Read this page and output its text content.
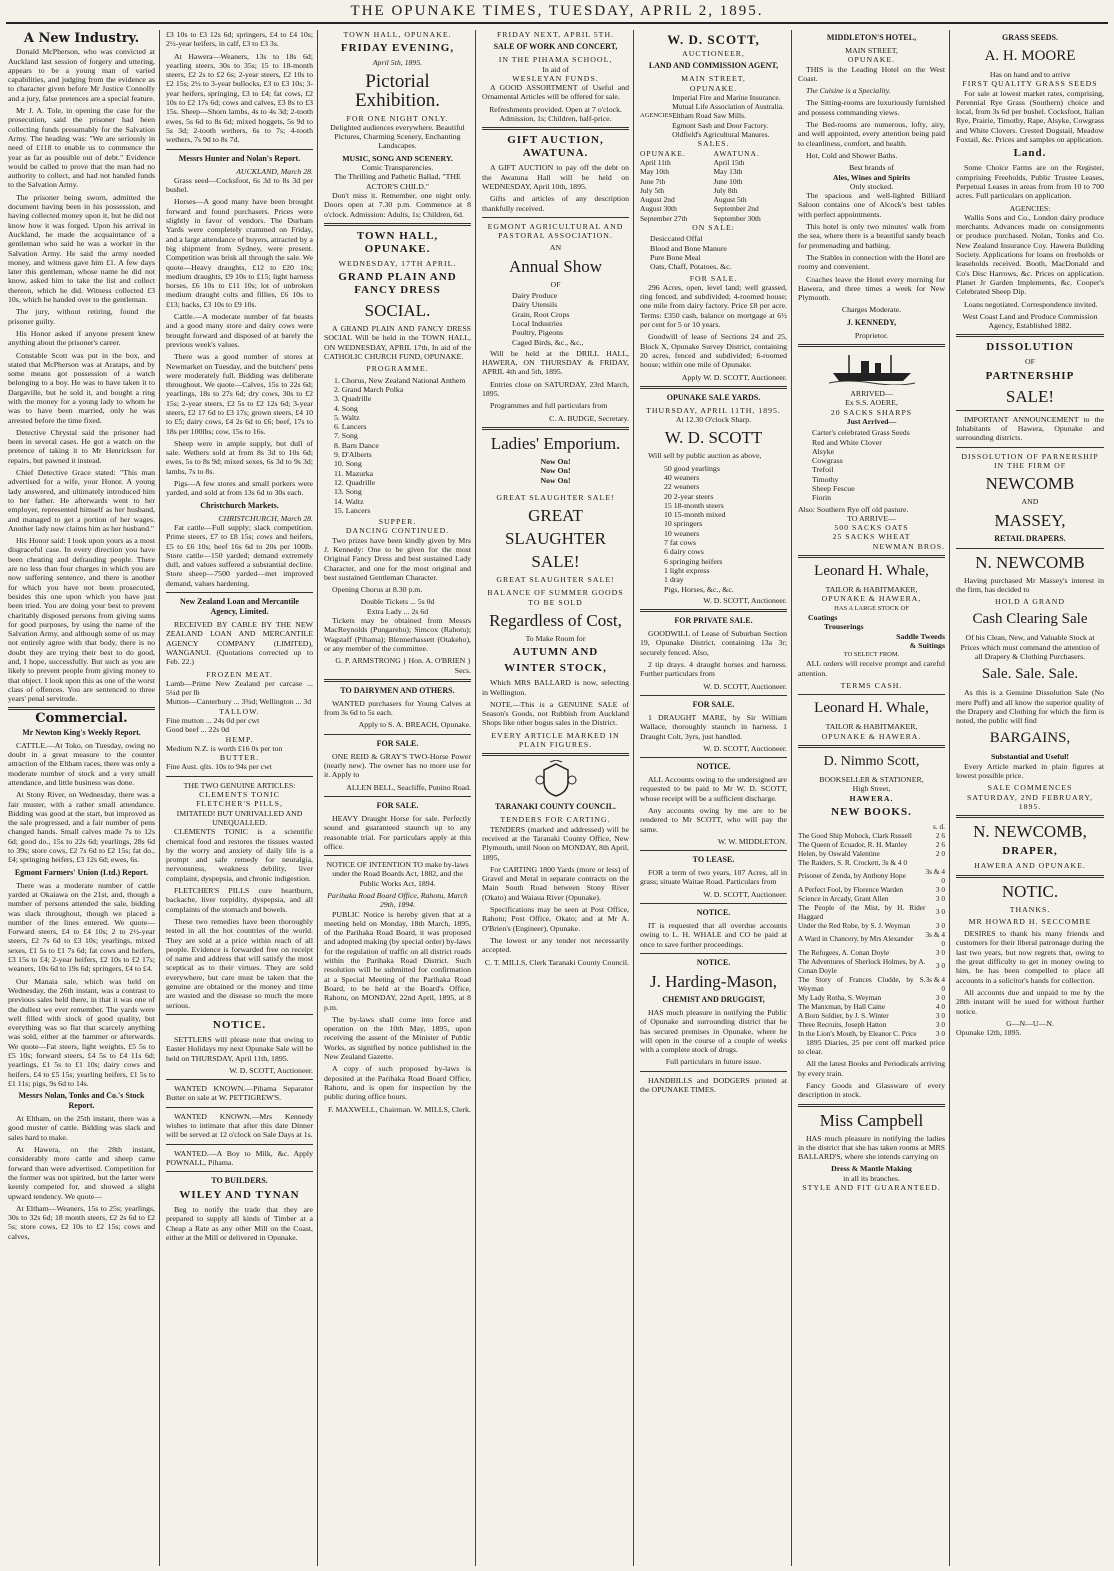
THE OPUNAKE TIMES, TUESDAY, APRIL 2, 1895.
A New Industry.

Donald McPherson, who was convicted at Auckland last session of forgery and uttering, appears to be a young man of varied capabilities, and judging from the evidence as to character given before Mr Justice Connolly and a jury, false pretences are a special feature.

Mr J. A. Tole, in opening the case for the prosecution, said the prisoner had been collecting funds presumably for the Salvation Army. The heading was: "We are seriously in need of £118 to enable us to commence the year as far as possible out of debt." Evidence would be called to prove that the man had no authority to collect, and had not handed funds to the Salvation Army.

The prisoner being sworn, admitted the document having been in his possession, and having collected money upon it, but he did not know how it was forged. Upon his arrival in Auckland, he made the acquaintance of a gentleman who said he was a worker in the Salvation Army. He said the army needed money, and witness gave him £1. A few days later this gentleman, whose name he did not know, asked him to take the list and collect thereon, which he did. Witness collected £3 10s, which he handed over to the gentleman.

The jury, without retiring, found the prisoner guilty.

His Honor asked if anyone present knew anything about the prisoner's career.

Constable Scott was put in the box, and stated that McPherson was at Arataps, and by some means got possession of a watch belonging to a boy. He was to have taken it to Dargaville, but he sold it, and bought a ring with the money for a young lady to whom he was to have been married, only he was arrested before the time fixed.

Detective Chrystal said the prisoner had been in several cases. He got a watch on the pretence of taking it to Mr Henrickson for repairs, but pawned it instead.

Chief Detective Grace stated: "This man advertised for a wife, your Honor. A young lady answered, and ultimately introduced him to her father. He afterwards went to her employer, represented himself as her husband, and managed to get a portion of her wages. Another lady now claims him as her husband."

His Honor said: I look upon yours as a most disgraceful case. In every direction you have been cheating and defrauding people. There are no less than four charges in which you are now suffering sentence, and there is another for which you have not been prosecuted, besides this one upon which you have just been tried. You are doing your best to prevent charitably disposed persons from giving sums for good purposes, by using the name of the Salvation Army, and although some of us may not entirely agree with that body, there is no doubt they are trying their best to do good, and, I hope, successfully. But such as you are likely to prevent people from giving money to that object. I look upon this as one of the worst class of offences. You are sentenced to three years' penal servitude.

Commercial.
Mr Newton King's Weekly Report.

CATTLE.—At Toko, on Tuesday, owing no doubt in a great measure to the counter attraction of the Eltham races, there was only a moderate number of stock and a very small attendance, and little business was done.

At Stony River, on Wednesday, there was a fair muster, with a rather small attendance. Bidding was good at the start, but improved as the sale progressed, and a fair number of pens changed hands. Small calves made 7s to 12s 6d; good do., 15s to 22s 6d; yearlings, 28s 6d to 39s; store cows, £2 7s 6d to £2 15s; fat do., £4; springing heifers, £3 12s 6d; ewes, 6s.

Egmont Farmers' Union (Ltd.) Report.

There was a moderate number of cattle yarded at Okaiawa on the 21st, and, though a number of persons attended the sale, bidding was slack throughout, though we placed a number of the lines entered. We quote—Forward steers, £4 to £4 10s; 2 to 2½-year steers, £2 7s 6d to £3 10s; yearlings, mixed sexes, £1 5s to £1 7s 6d; fat cows and heifers, £3 15s to £4; 2-year heifers, £2 10s to £2 17s; weaners, 10s 6d to 19s 6d; springers, £4 to £4.

Our Manaia sale, which was held on Wednesday, the 26th instant, was a contrast to previous sales held there, in that it was one of the dullest we ever remember. The yards were well filled with stock of good quality, but everything was so flat that scarcely anything was sold, either at the hammer or afterwards. We quote—Fat steers, light weights, £5 5s to £5 10s; forward steers, £4 5s to £4 11s 6d; yearlings, £1 5s to £1 10s; dairy cows and heifers, £4 to £5 15s; yearling heifers, £1 5s to £1 11s; pigs, 9s 6d to 14s.

Messrs Nolan, Tonks and Co.'s Stock Report.

At Eltham, on the 25th instant, there was a good muster of cattle. Bidding was slack and sales hard to make.

At Hawera, on the 28th instant, considerably more cattle and sheep came forward than were advertised. Competition for the former was not spirited, but the latter were keenly competed for, and showed a slight upward tendency. We quote—

At Eltham—Weaners, 15s to 25s; yearlings, 30s to 32s 6d; 18 month steers, £2 2s 6d to £2 5s; store cows, £2 10s to £2 15s; cows and calves,

£3 10s to £3 12s 6d; springers, £4 to £4 10s; 2½-year heifers, in calf, £3 to £3 3s.

At Hawera—Weaners, 13s to 18s 6d; yearling steers, 30s to 35s; 15 to 18-month steers, £2 2s to £2 6s; 2-year steers, £2 10s to £2 15s; 2½ to 3-year bullocks, £3 to £3 10s; 3-year heifers, springing, £3 to £4; fat cows, £2 10s to £2 17s 6d; cows and calves, £3 8s to £3 15s. Sheep—Shorn lambs, 4s to 4s 3d; 2-tooth ewes, 5s 6d to 8s 6d; mixed hoggets, 5s 9d to 5s 3d; 2-tooth wethers, 6s to 7s; 4-tooth wethers, 7s 9d to 8s 7d.

Messrs Hunter and Nolan's Report.
AUCKLAND, March 28.

Grass seed—Cocksfoot, 6s 3d to 8s 3d per bushel.

Horses—A good many have been brought forward and found purchasers. Prices were slightly in favor of vendors. The Durham Yards were completely crammed on Friday, and a large attendance of buyers, attracted by a big shipment from Sydney, were present. Competition was brisk all through the sale. We quote—Heavy draughts, £12 to £20 10s; medium draughts, £9 10s to £15; light harness horses, £6 10s to £11 10s; lot of unbroken medium draught colts and fillies, £6 10s to £13; hacks, £3 10s to £9 10s.

Cattle.—A moderate number of fat beasts and a good many store and dairy cows were brought forward and disposed of at barely the previous week's values.

There was a good number of stores at Newmarket on Tuesday, and the butchers' pens were moderately full. Bidding was deliberate throughout. We quote—Calves, 15s to 22s 6d; yearlings, 18s to 27s 6d; dry cows, 30s to £2 15s; 2-year steers, £2 5s to £2 12s 6d; 3-year steers, £2 17 6d to £3 17s; grown steers, £4 10 to £5; dairy cows, £4 2s 6d to £6; beef, 17s to 18s per 100lbs; cow, 15s to 16s.

Sheep were in ample supply, but dull of sale. Wethers sold at from 8s 3d to 10s 6d; ewes, 5s to 8s 9d; mixed sexes, 6s 3d to 9s 3d; lambs, 7s to 8s.

Pigs—A few stores and small porkers were yarded, and sold at from 13s 6d to 30s each.

Christchurch Markets.
CHRISTCHURCH, March 28.

Fat cattle—Full supply; slack competition. Prime steers, £7 to £8 15s; cows and heifers, £5 to £6 10s; beef 16s 6d to 20s per 100lb. Store cattle—150 yarded; demand extremely dull, and values suffered a substantial decline. Store sheep—7500 yarded—met improved demand, values hardening.

New Zealand Loan and Mercantile Agency, Limited.

RECEIVED BY CABLE BY THE NEW ZEALAND LOAN AND MERCANTILE AGENCY COMPANY (LIMITED), WANGANUI. (Quotations corrected up to Feb. 22.)

FROZEN MEAT.
Lamb—Prime New Zealand per carcase ... 5¼d per lb
Mutton—Canterbury ... 3¾d; Wellington ... 3d
TALLOW.
Fine mutton ... 24s 0d per cwt
Good beef ... 22s 0d
HEMP.
Medium N.Z. is worth £16 0s per ton
BUTTER.
Fine Aust. qlts. 10s to 94s per cwt
THE TWO GENUINE ARTICLES:
CLEMENTS TONIC
FLETCHER'S PILLS,
IMITATED! BUT UNRIVALLED AND UNEQUALLED.

CLEMENTS TONIC is a scientific chemical food and restores the tissues wasted by the worry and anxiety of daily life is a prompt and safe remedy for neuralgia, nervousness, weakness debility, liver complaint, dyspepsia, and chronic indigestion.

FLETCHER'S PILLS cure heartburn, backache, liver torpidity, dyspepsia, and all complaints of the stomach and bowels.

These two remedies have been thoroughly tested in all the hot countries of the world. They are sold at a price within reach of all people. Evidence is forwarded free on receipt of name and address that will satisfy the most sceptical as to their virtues. They are sold everywhere, but care must be taken that the genuine are obtained or the money and time are wasted and the disease so much the more serious.

NOTICE.

SETTLERS will please note that owing to Easter Holidays my next Opunake Sale will be held on THURSDAY, April 11th, 1895.

W. D. SCOTT, Auctioneer.

WANTED KNOWN.—Pihama Separator Butter on sale at W. PETTIGREW'S.

WANTED KNOWN.—Mrs Kennedy wishes to intimate that after this date Dinner will be served at 12 o'clock on Sale Days at 1s.

WANTED.—A Boy to Milk, &c. Apply POWNALL, Pihama.

TO BUILDERS.
WILEY AND TYNAN

Beg to notify the trade that they are prepared to supply all kinds of Timber at a Cheap a Rate as any other Mill on the Coast, either at the Mill or delivered in Opunake.

TOWN HALL, OPUNAKE.
FRIDAY EVENING,
April 5th, 1895.
Pictorial Exhibition.
FOR ONE NIGHT ONLY.

Delighted audiences everywhere. Beautiful Pictures, Charming Scenery, Enchanting Landscapes.

MUSIC, SONG AND SCENERY.
Comic Transparencies.
The Thrilling and Pathetic Ballad, "THE ACTOR'S CHILD."

Don't miss it. Remember, one night only. Doors open at 7.30 p.m. Commence at 8 o'clock. Admission: Adults, 1s; Children, 6d.

TOWN HALL, OPUNAKE.
WEDNESDAY, 17TH APRIL.
GRAND PLAIN AND FANCY DRESS
SOCIAL.

A GRAND PLAIN AND FANCY DRESS SOCIAL Will be held in the TOWN HALL, ON WEDNESDAY, APRIL 17th, In aid of the CATHOLIC CHURCH FUND, OPUNAKE.

PROGRAMME.
1. Chorus, New Zealand National Anthem
2. Grand March Polka
3. Quadrille
4. Song
5. Waltz
6. Lancers
7. Song
8. Barn Dance
9. D'Alberts
10. Song
11. Mazurka
12. Quadrille
13. Song
14. Waltz
15. Lancers
SUPPER.
DANCING CONTINUED.

Two prizes have been kindly given by Mrs J. Kennedy: One to be given for the most Original Fancy Dress and best sustained Lady Character, and one for the most original and best sustained Gentleman Character.

Opening Chorus at 8.30 p.m.

Double Tickets ... 5s 0d
Extra Lady ... 2s 6d

Tickets may be obtained from Messrs MacReynolds (Pungarehu); Simcox (Rahotu); Wagstaff (Pihama); Blennerhassett (Otakeho), or any member of the committee.

G. P. ARMSTRONG } Hon. A. O'BRIEN } Secs.
TO DAIRYMEN AND OTHERS.

WANTED purchasers for Young Calves at from 3s 6d to 5s each.

Apply to S. A. BREACH, Opunake.
FOR SALE.

ONE REID & GRAY'S TWO-Horse Power (nearly new). The owner has no more use for it. Apply to

ALLEN BELL, Seacliffe, Punino Road.
FOR SALE.

HEAVY Draught Horse for sale. Perfectly sound and guaranteed staunch up to any reasonable trial. For particulars apply at this office.

NOTICE OF INTENTION TO make by-laws under the Road Boards Act, 1882, and the Public Works Act, 1894.

Parihaka Road Board Office, Rahotu, March 29th, 1894.

PUBLIC Notice is hereby given that at a meeting held on Monday, 18th March, 1895, of the Parihaka Road Board, it was proposed and adopted making (by special order) by-laws for the regulation of traffic on all district roads within the Parihaka Road District. Such resolution will be submitted for confirmation at a Special Meeting of the Parihaka Road Board, to be held at the Board's Office, Rahotu, on MONDAY, 22nd April, 1895, at 8 p.m.

The by-laws shall come into force and operation on the 10th May, 1895, upon receiving the assent of the Minister of Public Works, as signified by notice published in the New Zealand Gazette.

A copy of such proposed by-laws is deposited at the Parihaka Road Board Office, Rahotu, and is open for inspection by the public during office hours.

F. MAXWELL, Chairman. W. MILLS, Clerk.
FRIDAY NEXT, APRIL 5TH.
SALE OF WORK AND CONCERT,
IN THE PIHAMA SCHOOL,
In aid of
WESLEYAN FUNDS.

A GOOD ASSORTMENT of Useful and Ornamental Articles will be offered for sale.

Refreshments provided. Open at 7 o'clock. Admission, 1s; Children, half-price.

GIFT AUCTION, AWATUNA.

A GIFT AUCTION to pay off the debt on the Awatuna Hall will be held on WEDNESDAY, April 10th, 1895.

Gifts and articles of any description thankfully received.

EGMONT AGRICULTURAL AND PASTORAL ASSOCIATION.

AN
Annual Show
OF
Dairy Produce
Dairy Utensils
Grain, Root Crops
Local Industries
Poultry, Pigeons
Caged Birds, &c., &c.,

Will be held at the DRILL HALL, HAWERA, ON THURSDAY & FRIDAY, APRIL 4th and 5th, 1895.

Entries close on SATURDAY, 23rd March, 1895.

Programmes and full particulars from

C. A. BUDGE, Secretary.
Ladies' Emporium.
Now On!
Now On!
Now On!
GREAT SLAUGHTER SALE!
GREAT
SLAUGHTER
SALE!
GREAT SLAUGHTER SALE!
BALANCE OF SUMMER GOODS TO BE SOLD
Regardless of Cost,
To Make Room for
AUTUMN AND
WINTER STOCK,

Which MRS BALLARD is now, selecting in Wellington.

NOTE.—This is a GENUINE SALE of Season's Goods, not Rubbish from Auckland Shops like other bogus sales in the District.

EVERY ARTICLE MARKED IN PLAIN FIGURES.
TARANAKI COUNTY COUNCIL.
TENDERS FOR CARTING.

TENDERS (marked and addressed) will be received at the Taranaki County Office, New Plymouth, until Noon on MONDAY, 8th April, 1895,

For CARTING 1800 Yards (more or less) of Gravel and Metal in separate contracts on the Main South Road between Stony River (Okato) and Waiaua River (Opunake).

Specifications may be seen at Post Office, Rahotu; Post Office, Okato; and at Mr A. O'Brien's (Engineer), Opunake.

The lowest or any tender not necessarily accepted.

C. T. MILLS, Clerk Taranaki County Council.
W. D. SCOTT,
AUCTIONEER,
LAND AND COMMISSION AGENT,
MAIN STREET,
OPUNAKE.
AGENCIES	
Imperial Fire and Marine Insurance.
Mutual Life Association of Australia.
Eltham Road Saw Mills.
Egmont Sash and Door Factory.
Oldfield's Agricultural Manures.
SALES.
OPUNAKE.	AWATUNA.
April 11th	April 15th
May 10th	May 13th
June 7th	June 10th
July 5th	July 8th
August 2nd	August 5th
August 30th	September 2nd
September 27th	September 30th
ON SALE:
Desiccated Offal
Blood and Bone Manure
Pure Bone Meal
Oats, Chaff, Potatoes, &c.
FOR SALE.

296 Acres, open, level land; well grassed, ring fenced, and subdivided; 4-roomed house; one mile from dairy factory. Price £8 per acre. Terms: £350 cash, balance on mortgage at 6½ per cent for 5 or 10 years.

Goodwill of lease of Sections 24 and 25, Block X, Opunake Survey District, containing 20 acres, fenced and subdivided; 6-roomed house; within one mile of Opunake.

Apply W. D. SCOTT, Auctioneer.
OPUNAKE SALE YARDS.
THURSDAY, APRIL 11TH, 1895.
At 12.30 O'clock Sharp.
W. D. SCOTT

Will sell by public auction as above,

50 good yearlings
40 weaners
22 weaners
20 2-year steers
15 18-month steers
10 15-month mixed
10 springers
10 weaners
7 fat cows
6 dairy cows
6 springing heifers
1 light express
1 dray
Pigs, Horses, &c., &c.
W. D. SCOTT, Auctioneer.
FOR PRIVATE SALE.

GOODWILL of Lease of Suburban Section 19, Opunake District, containing 13a 3r; securely fenced. Also,

2 tip drays. 4 draught horses and harness. Further particulars from

W. D. SCOTT, Auctioneer.
FOR SALE.

1 DRAUGHT MARE, by Sir William Wallace, thoroughly staunch in harness. 1 Draught Colt, 3yrs, just handled.

W. D. SCOTT, Auctioneer.
NOTICE.

ALL Accounts owing to the undersigned are requested to be paid to Mr W. D. SCOTT, whose receipt will be a sufficient discharge.

Any accounts owing by me are to be rendered to Mr SCOTT, who will pay the same.

W. W. MIDDLETON.
TO LEASE.

FOR a term of two years, 107 Acres, all in grass; situate Waitae Road. Particulars from

W. D. SCOTT, Auctioneer.
NOTICE.

IT is requested that all overdue accounts owing to L. H. WHALE and CO be paid at once to save further proceedings.

NOTICE.
J. Harding-Mason,
CHEMIST AND DRUGGIST,

HAS much pleasure in notifying the Public of Opunake and surrounding district that he has secured premises in Opunake, where he will open in the course of a couple of weeks with a complete stock of drugs.

Full particulars in future issue.

HANDBILLS and DODGERS printed at the OPUNAKE TIMES.

MIDDLETON'S HOTEL,
MAIN STREET,
OPUNAKE.

THIS is the Leading Hotel on the West Coast.

The Cuisine is a Speciality.

The Sitting-rooms are luxuriously furnished and possess commanding views.

The Bed-rooms are numerous, lofty, airy, and well appointed, every attention being paid to cleanliness, comfort, and health.

Hot, Cold and Shower Baths.

Best brands of
Ales, Wines and Spirits
Only stocked.

The spacious and well-lighted Billiard Saloon contains one of Alcock's best tables with perfect appointments.

This hotel is only two minutes' walk from the sea, where there is a beautiful sandy beach for promenading and bathing.

The Stables in connection with the Hotel are roomy and convenient.

Coaches leave the Hotel every morning for Hawera, and three times a week for New Plymouth.

Charges Moderate.
J. KENNEDY,
Proprietor.
ARRIVED—
Ex S.S. AOERE,
20 SACKS SHARPS
Just Arrived—
Carter's celebrated Grass Seeds
Red and White Clover
Alsyke
Cowgrass
Trefoil
Timothy
Sheep Fescue
Fiorin
Also: Southern Rye off old pasture.
TO ARRIVE—
500 SACKS OATS
25 SACKS WHEAT
NEWMAN BROS.
Leonard H. Whale,
TAILOR & HABITMAKER,
OPUNAKE & HAWERA,
HAS A LARGE STOCK OF
Coatings
Trouserings
Saddle Tweeds
& Suitings
TO SELECT FROM.

ALL orders will receive prompt and careful attention.

TERMS CASH.
Leonard H. Whale,
TAILOR & HABITMAKER,
OPUNAKE & HAWERA.
D. Nimmo Scott,
BOOKSELLER & STATIONER,
High Street,
HAWERA.
NEW BOOKS.
	s. d.
The Good Ship Mohock, Clark Russell	2 6
The Queen of Ecuador, R. H. Manley	2 6
Helen, by Oswald Valentine	2 0
The Raiders, S. R. Crockett, 3s & 4 0	
Prisoner of Zenda, by Anthony Hope	3s & 4 0
A Perfect Fool, by Florence Warden	3 0
Science in Arcady, Grant Allen	3 0
The People of the Mist, by H. Rider Haggard	3 0
Under the Red Robe, by S. J. Weyman	3 0
A Ward in Chancery, by Mrs Alexander	3s & 4 0
The Refugees, A. Conan Doyle	3 0
The Adventures of Sherlock Holmes, by A. Conan Doyle	3 0
The Story of Frances Cludde, by S. Weyman	3s & 4 0
My Lady Rotha, S. Weyman	3 0
The Manxman, by Hall Caine	4 0
A Born Soldier, by J. S. Winter	3 0
Three Recruits, Joseph Hatton	3 0
In the Lion's Mouth, by Eleanor C. Price	3 0

1895 Diaries, 25 per cent off marked price to clear.

All the latest Books and Periodicals arriving by every train.

Fancy Goods and Glassware of every description in stock.

Miss Campbell

HAS much pleasure in notifying the ladies in the district that she has taken rooms at MRS BALLARD'S, where she intends carrying on

Dress & Mantle Making
in all its branches.
STYLE AND FIT GUARANTEED.
GRASS SEEDS.
A. H. MOORE
Has on hand and to arrive
FIRST QUALITY GRASS SEEDS

For sale at lowest market rates, comprising, Perennial Rye Grass (Southern) choice and local, from 3s 6d per bushel. Cocksfoot, Italian Rye, Prairie, Timothy, Rape, Alsyke, Cowgrass and White Clovers. Crested Dogstail, Meadow Foxtail, &c. Prices and samples on application.

Land.

Some Choice Farms are on the Register, comprising Freeholds, Public Trustee Leases, Perpetual Leases in areas from from 10 to 700 acres. Full particulars on application.

AGENCIES:

Wallis Sons and Co., London dairy produce merchants. Advances made on consignments or produce purchased. Nolan, Tonks and Co. New Zealand Insurance Coy. Hawera Building Society. Applications for loans on freeholds or leaseholds received. Booth, MacDonald and Co's Disc Harrows, &c. Prices on application. Planet Jr Garden Implements, &c. Cooper's Celebrated Sheep Dip.

Loans negotiated. Correspondence invited.

West Coast Land and Produce Commission Agency, Established 1882.

DISSOLUTION
OF
PARTNERSHIP
SALE!

IMPORTANT ANNOUNCEMENT to the Inhabitants of Hawera, Opunake and surrounding districts.

DISSOLUTION OF PARNERSHIP IN THE FIRM OF

NEWCOMB
AND
MASSEY,
RETAIL DRAPERS.
N. NEWCOMB

Having purchased Mr Massey's interest in the firm, has decided to

HOLD A GRAND
Cash Clearing Sale

Of his Clean, New, and Valuable Stock at Prices which must command the attention of all Drapery & Clothing Purchasers.

Sale. Sale. Sale.

As this is a Genuine Dissolution Sale (No mere Puff) and all know the superior quality of the Drapery and Clothing for which the firm is noted, the public will find

BARGAINS,
Substantial and Useful!

Every Article marked in plain figures at lowest possible price.

SALE COMMENCES
SATURDAY, 2ND FEBRUARY, 1895.
N. NEWCOMB,
DRAPER,
HAWERA AND OPUNAKE.
NOTIC.
THANKS.
MR HOWARD H. SECCOMBE

DESIRES to thank his many friends and customers for their liberal patronage during the last two years, but now regrets that, owing to the great difficulty to get in money owing to him, he has been compelled to place all accounts in a solicitor's hands for collection.

All accounts due and unpaid to me by the 28th instant will be sued for without further notice.

G—N—U—N.
Opunake 12th, 1895.
